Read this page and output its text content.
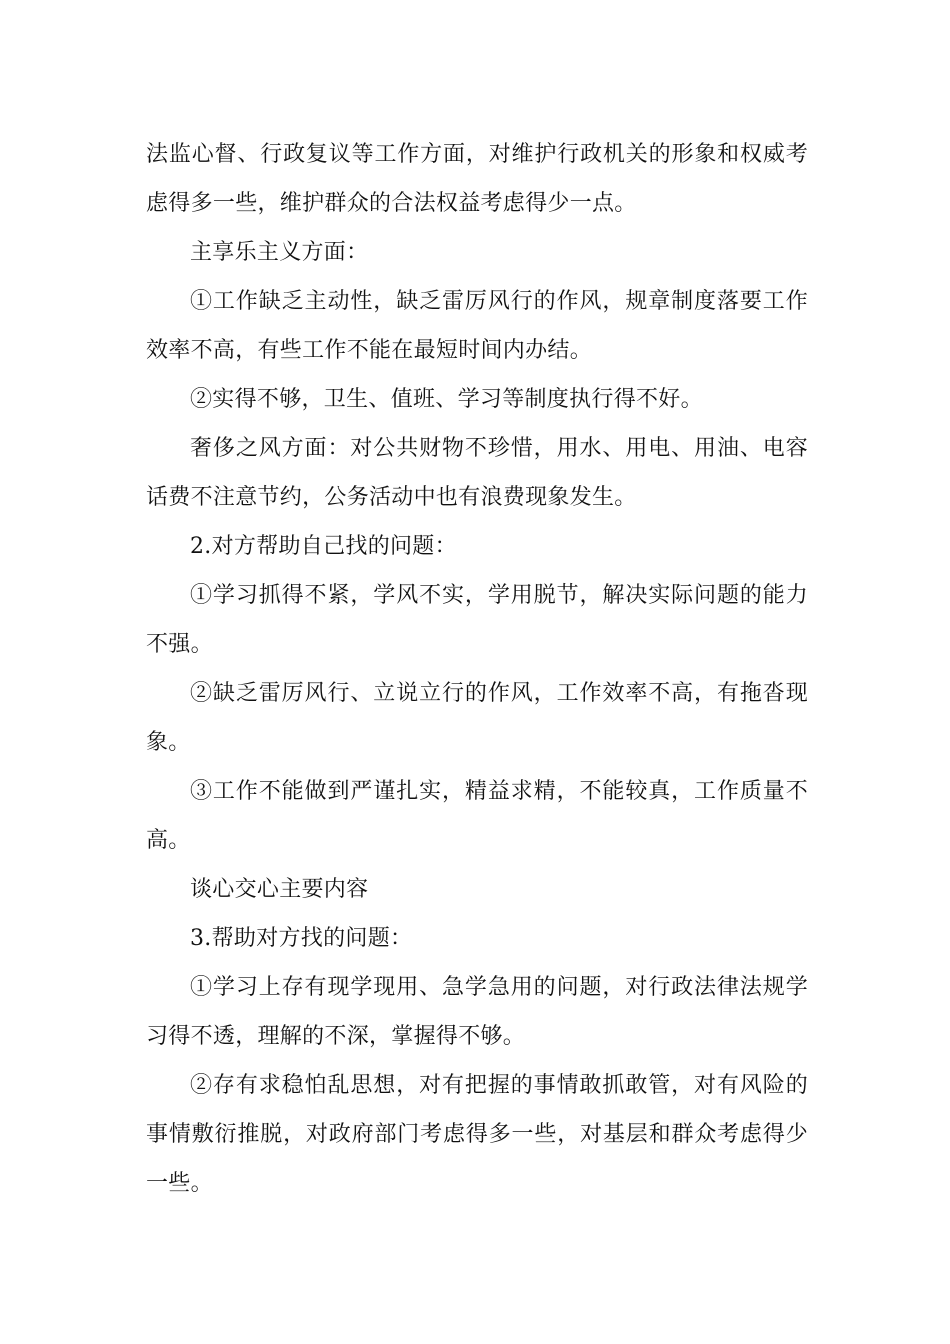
法监心督、行政复议等工作方面，对维护行政机关的形象和权威考虑得多一些，维护群众的合法权益考虑得少一点。

主享乐主义方面：

①工作缺乏主动性，缺乏雷厉风行的作风，规章制度落要工作效率不高，有些工作不能在最短时间内办结。

②实得不够，卫生、值班、学习等制度执行得不好。

奢侈之风方面：对公共财物不珍惜，用水、用电、用油、电容话费不注意节约，公务活动中也有浪费现象发生。

2.对方帮助自己找的问题：

①学习抓得不紧，学风不实，学用脱节，解决实际问题的能力不强。

②缺乏雷厉风行、立说立行的作风，工作效率不高，有拖沓现象。

③工作不能做到严谨扎实，精益求精，不能较真，工作质量不高。

谈心交心主要内容

3.帮助对方找的问题：

①学习上存有现学现用、急学急用的问题，对行政法律法规学习得不透，理解的不深，掌握得不够。

②存有求稳怕乱思想，对有把握的事情敢抓敢管，对有风险的事情敷衍推脱，对政府部门考虑得多一些，对基层和群众考虑得少一些。
